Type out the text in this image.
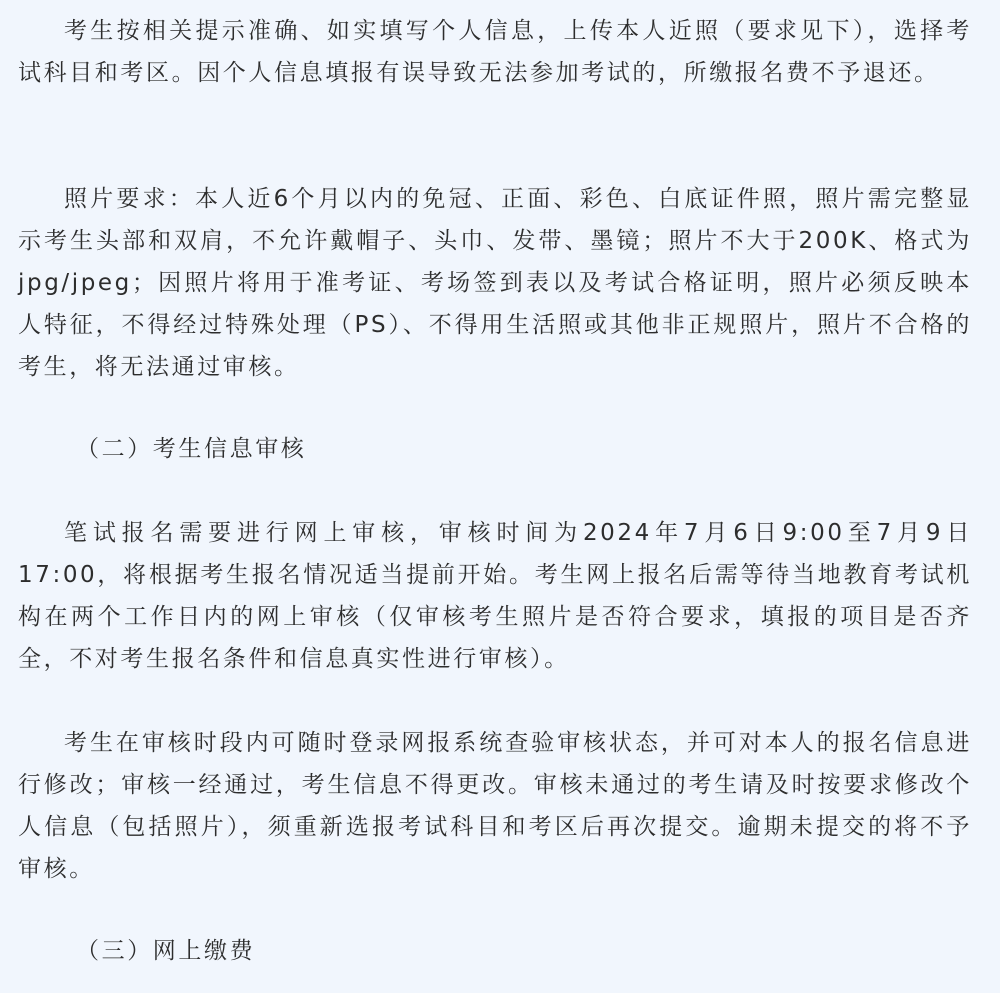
考生按相关提示准确、如实填写个人信息，上传本人近照（要求见下），选择考试科目和考区。因个人信息填报有误导致无法参加考试的，所缴报名费不予退还。

照片要求：本人近6个月以内的免冠、正面、彩色、白底证件照，照片需完整显示考生头部和双肩，不允许戴帽子、头巾、发带、墨镜；照片不大于200K、格式为jpg/jpeg；因照片将用于准考证、考场签到表以及考试合格证明，照片必须反映本人特征，不得经过特殊处理（PS）、不得用生活照或其他非正规照片，照片不合格的考生，将无法通过审核。

（二）考生信息审核

笔试报名需要进行网上审核，审核时间为2024年7月6日9:00至7月9日17:00，将根据考生报名情况适当提前开始。考生网上报名后需等待当地教育考试机构在两个工作日内的网上审核（仅审核考生照片是否符合要求，填报的项目是否齐全，不对考生报名条件和信息真实性进行审核）。

考生在审核时段内可随时登录网报系统查验审核状态，并可对本人的报名信息进行修改；审核一经通过，考生信息不得更改。审核未通过的考生请及时按要求修改个人信息（包括照片），须重新选报考试科目和考区后再次提交。逾期未提交的将不予审核。

（三）网上缴费
